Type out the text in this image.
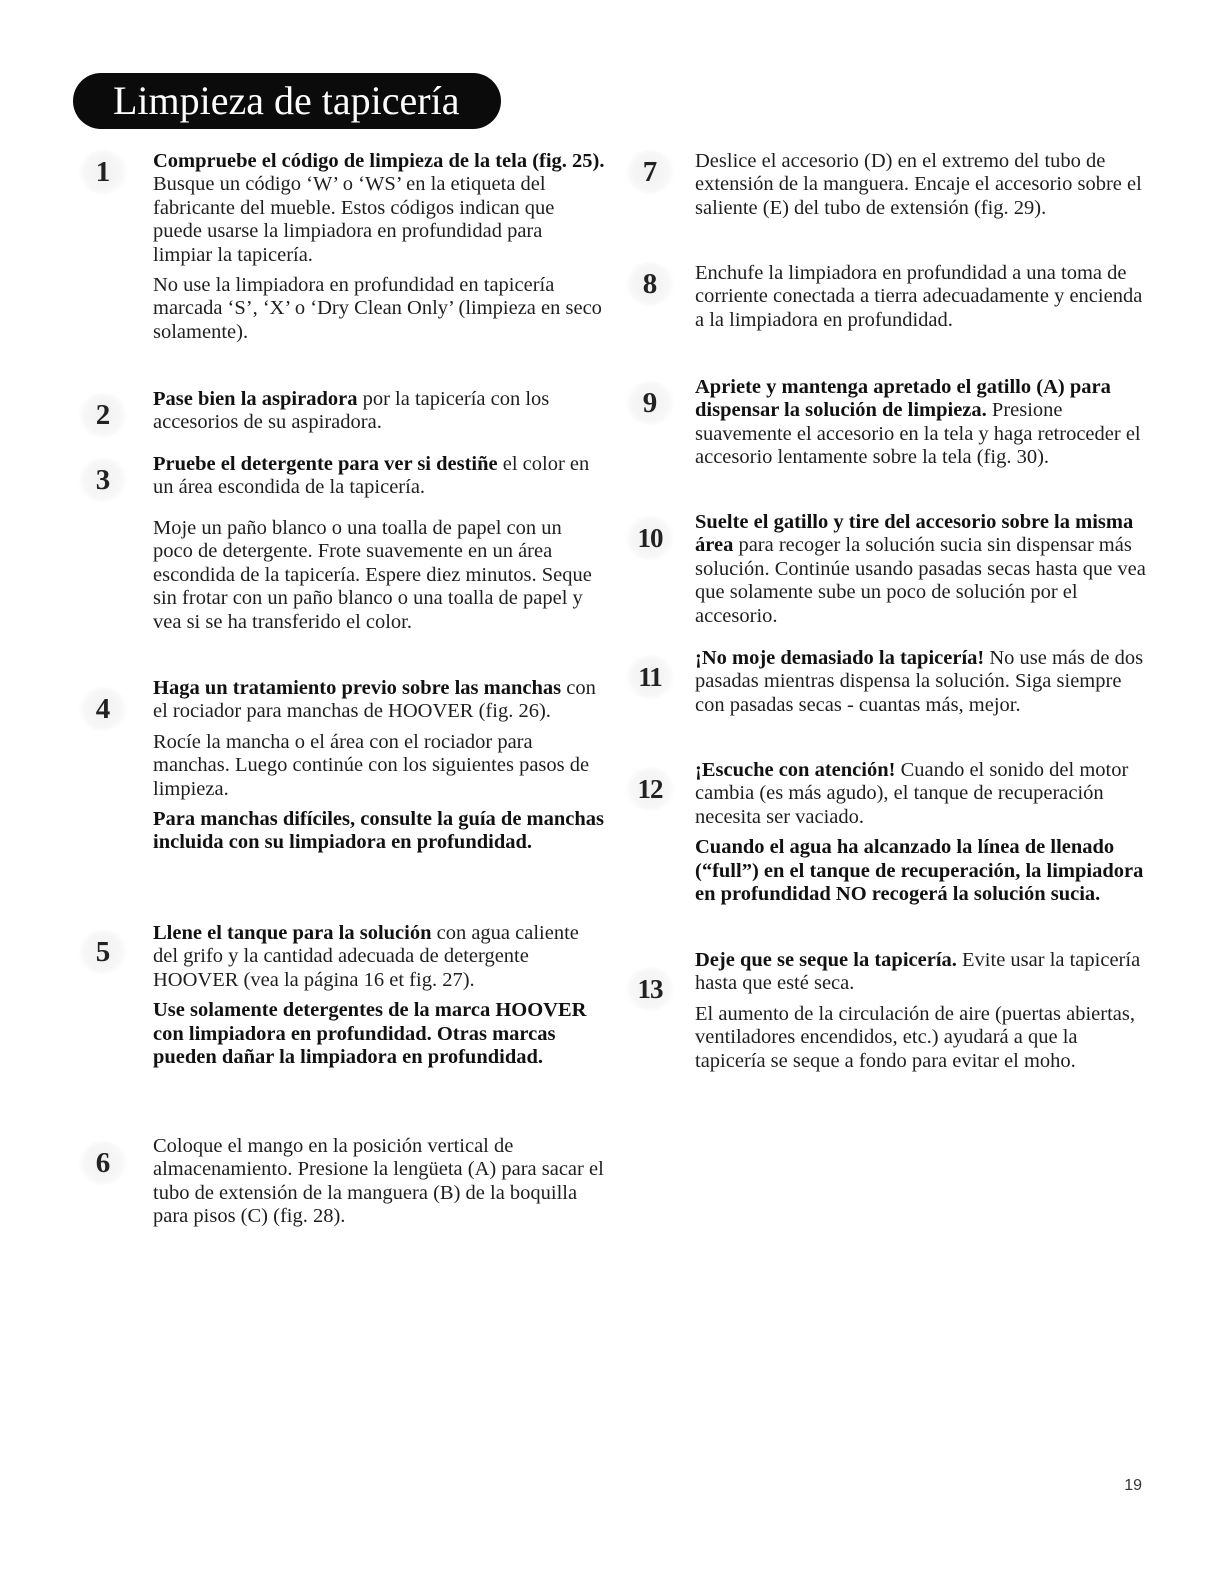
Limpieza de tapicería
1	Compruebe el código de limpieza de la tela (fig. 25). Busque un código ‘W’ o ‘WS’ en la etiqueta del fabricante del mueble. Estos códigos indican que puede usarse la limpiadora en profundidad para limpiar la tapicería.

No use la limpiadora en profundidad en tapicería marcada ‘S’, ‘X’ o ‘Dry Clean Only’ (limpieza en seco solamente).

2	Pase bien la aspiradora por la tapicería con los accesorios de su aspiradora.

3	Pruebe el detergente para ver si destiñe el color en un área escondida de la tapicería.

Moje un paño blanco o una toalla de papel con un poco de detergente. Frote suavemente en un área escondida de la tapicería. Espere diez minutos. Seque sin frotar con un paño blanco o una toalla de papel y vea si se ha transferido el color.

4

Haga un tratamiento previo sobre las manchas con el rociador para manchas de HOOVER (fig. 26).

Rocíe la mancha o el área con el rociador para manchas. Luego continúe con los siguientes pasos de limpieza.

Para manchas difíciles, consulte la guía de manchas incluida con su limpiadora en profundidad.

5

Llene el tanque para la solución con agua caliente del grifo y la cantidad adecuada de detergente HOOVER (vea la página 16 et fig. 27).

Use solamente detergentes de la marca HOOVER con limpiadora en profundidad. Otras marcas pueden dañar la limpiadora en profundidad.

6

Coloque el mango en la posición vertical de almacenamiento. Presione la lengüeta (A) para sacar el tubo de extensión de la manguera (B) de la boquilla para pisos (C) (fig. 28).

7	Deslice el accesorio (D) en el extremo del tubo de extensión de la manguera. Encaje el accesorio sobre el saliente (E) del tubo de extensión (fig. 29).

8	Enchufe la limpiadora en profundidad a una toma de corriente conectada a tierra adecuadamente y encienda a la limpiadora en profundidad.

9	Apriete y mantenga apretado el gatillo (A) para dispensar la solución de limpieza. Presione suavemente el accesorio en la tela y haga retroceder el accesorio lentamente sobre la tela (fig. 30).

10

Suelte el gatillo y tire del accesorio sobre la misma área para recoger la solución sucia sin dispensar más solución. Continúe usando pasadas secas hasta que vea que solamente sube un poco de solución por el accesorio.

11

¡No moje demasiado la tapicería! No use más de dos pasadas mientras dispensa la solución. Siga siempre con pasadas secas - cuantas más, mejor.

12

¡Escuche con atención! Cuando el sonido del motor cambia (es más agudo), el tanque de recuperación necesita ser vaciado.

Cuando el agua ha alcanzado la línea de llenado (“full”) en el tanque de recuperación, la limpiadora en profundidad NO recogerá la solución sucia.

13

Deje que se seque la tapicería. Evite usar la tapicería hasta que esté seca.

El aumento de la circulación de aire (puertas abiertas, ventiladores encendidos, etc.) ayudará a que la tapicería se seque a fondo para evitar el moho.

19
